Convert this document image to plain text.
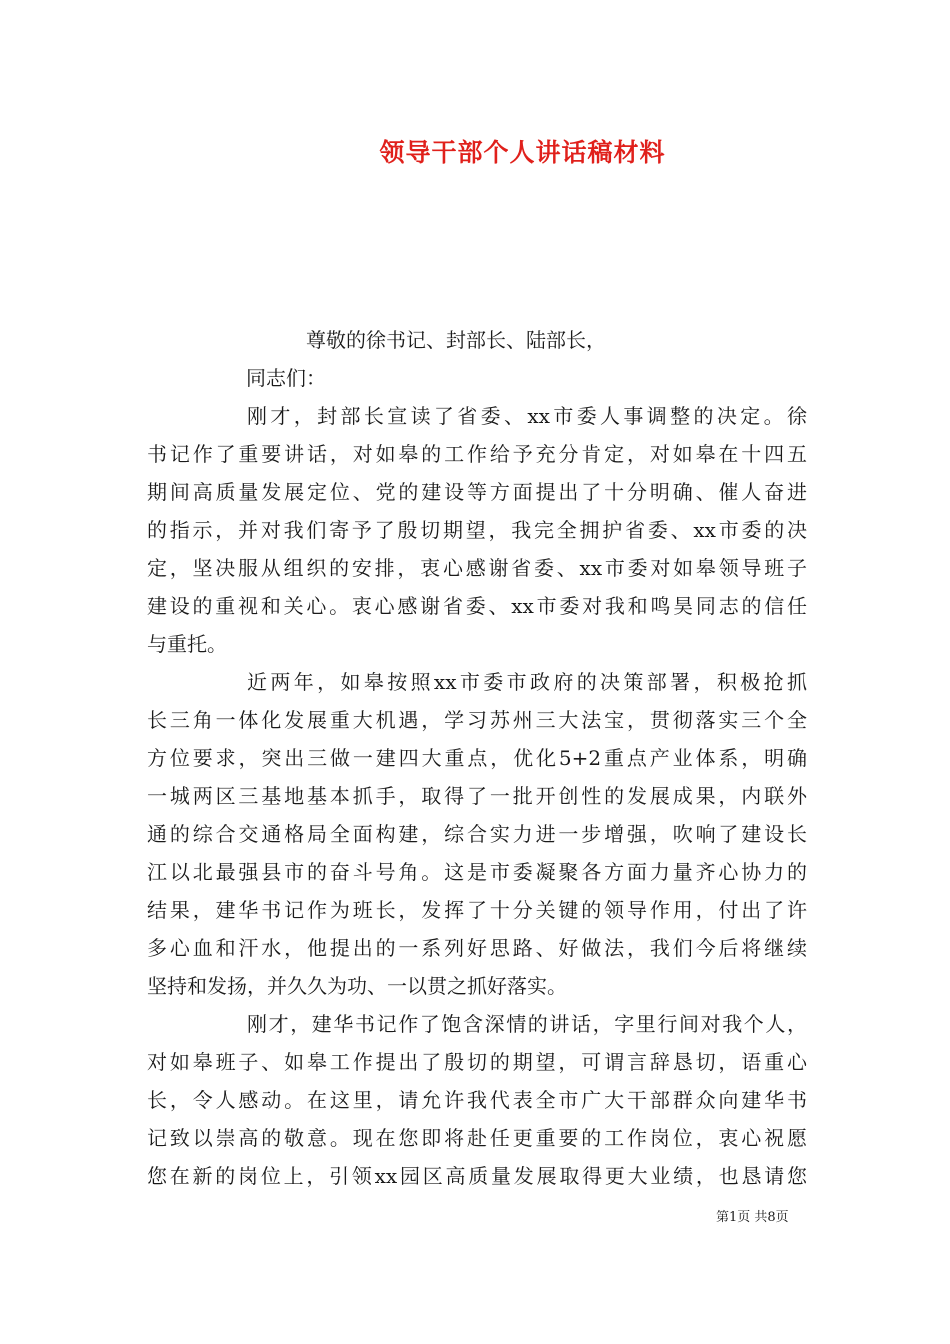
领导干部个人讲话稿材料
尊敬的徐书记、封部长、陆部长，
同志们：
刚才，封部长宣读了省委、xx市委人事调整的决定。徐
书记作了重要讲话，对如皋的工作给予充分肯定，对如皋在十四五
期间高质量发展定位、党的建设等方面提出了十分明确、催人奋进
的指示，并对我们寄予了殷切期望，我完全拥护省委、xx市委的决
定，坚决服从组织的安排，衷心感谢省委、xx市委对如皋领导班子
建设的重视和关心。衷心感谢省委、xx市委对我和鸣昊同志的信任
与重托。
近两年，如皋按照xx市委市政府的决策部署，积极抢抓
长三角一体化发展重大机遇，学习苏州三大法宝，贯彻落实三个全
方位要求，突出三做一建四大重点，优化5+2重点产业体系，明确
一城两区三基地基本抓手，取得了一批开创性的发展成果，内联外
通的综合交通格局全面构建，综合实力进一步增强，吹响了建设长
江以北最强县市的奋斗号角。这是市委凝聚各方面力量齐心协力的
结果，建华书记作为班长，发挥了十分关键的领导作用，付出了许
多心血和汗水，他提出的一系列好思路、好做法，我们今后将继续
坚持和发扬，并久久为功、一以贯之抓好落实。
刚才，建华书记作了饱含深情的讲话，字里行间对我个人，
对如皋班子、如皋工作提出了殷切的期望，可谓言辞恳切，语重心
长，令人感动。在这里，请允许我代表全市广大干部群众向建华书
记致以崇高的敬意。现在您即将赴任更重要的工作岗位，衷心祝愿
您在新的岗位上，引领xx园区高质量发展取得更大业绩，也恳请您
第1页 共8页
